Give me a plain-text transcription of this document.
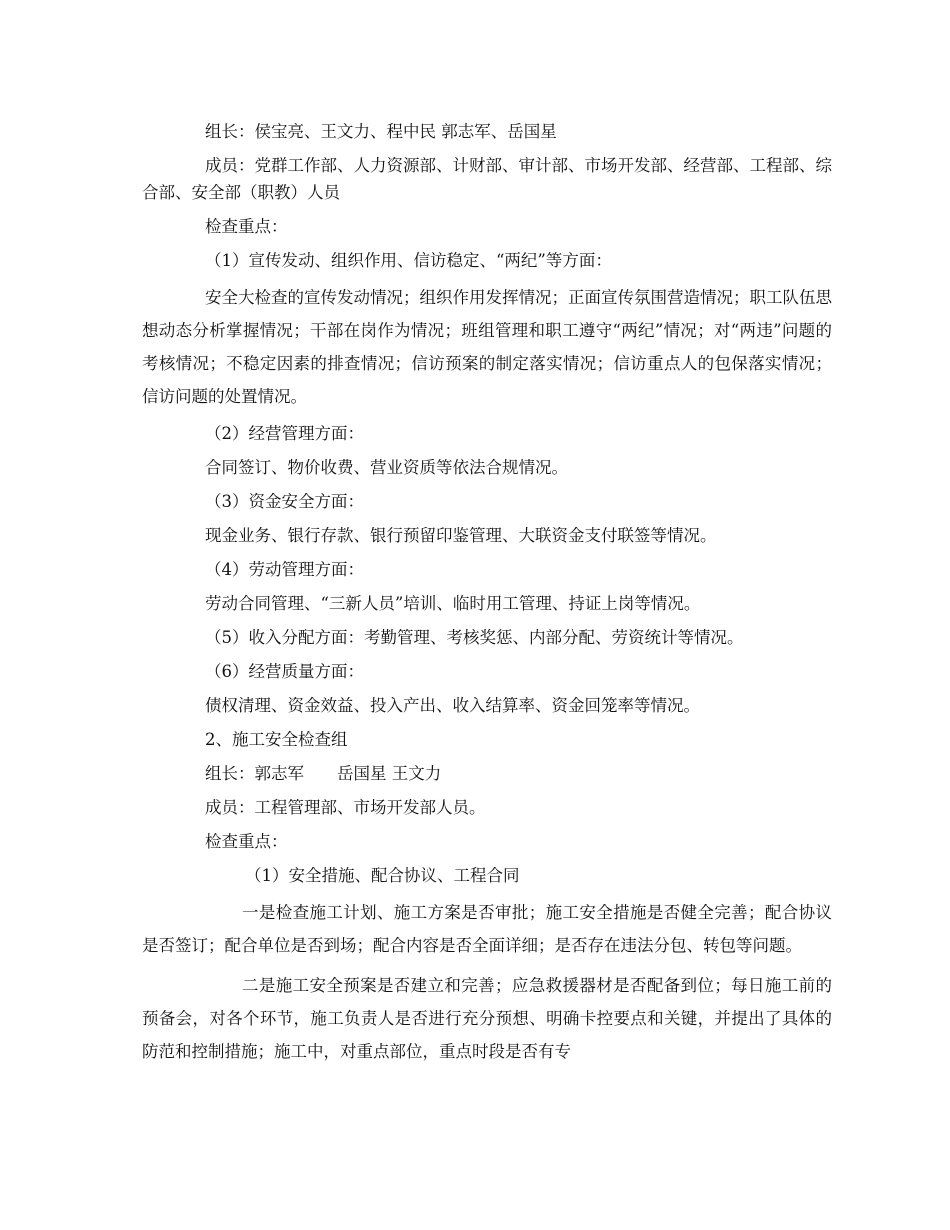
组长：侯宝亮、王文力、程中民 郭志军、岳国星

成员：党群工作部、人力资源部、计财部、审计部、市场开发部、经营部、工程部、综合部、安全部（职教）人员

检查重点：

（1）宣传发动、组织作用、信访稳定、“两纪”等方面：

安全大检查的宣传发动情况；组织作用发挥情况；正面宣传氛围营造情况；职工队伍思想动态分析掌握情况；干部在岗作为情况；班组管理和职工遵守“两纪”情况；对“两违”问题的考核情况；不稳定因素的排查情况；信访预案的制定落实情况；信访重点人的包保落实情况；信访问题的处置情况。

（2）经营管理方面：

合同签订、物价收费、营业资质等依法合规情况。

（3）资金安全方面：

现金业务、银行存款、银行预留印鉴管理、大联资金支付联签等情况。

（4）劳动管理方面：

劳动合同管理、“三新人员”培训、临时用工管理、持证上岗等情况。

（5）收入分配方面：考勤管理、考核奖惩、内部分配、劳资统计等情况。

（6）经营质量方面：

债权清理、资金效益、投入产出、收入结算率、资金回笼率等情况。

2、施工安全检查组

组长：郭志军　　岳国星 王文力

成员：工程管理部、市场开发部人员。

检查重点：

（1）安全措施、配合协议、工程合同

一是检查施工计划、施工方案是否审批；施工安全措施是否健全完善；配合协议是否签订；配合单位是否到场；配合内容是否全面详细；是否存在违法分包、转包等问题。

二是施工安全预案是否建立和完善；应急救援器材是否配备到位；每日施工前的预备会，对各个环节，施工负责人是否进行充分预想、明确卡控要点和关键，并提出了具体的防范和控制措施；施工中，对重点部位，重点时段是否有专
